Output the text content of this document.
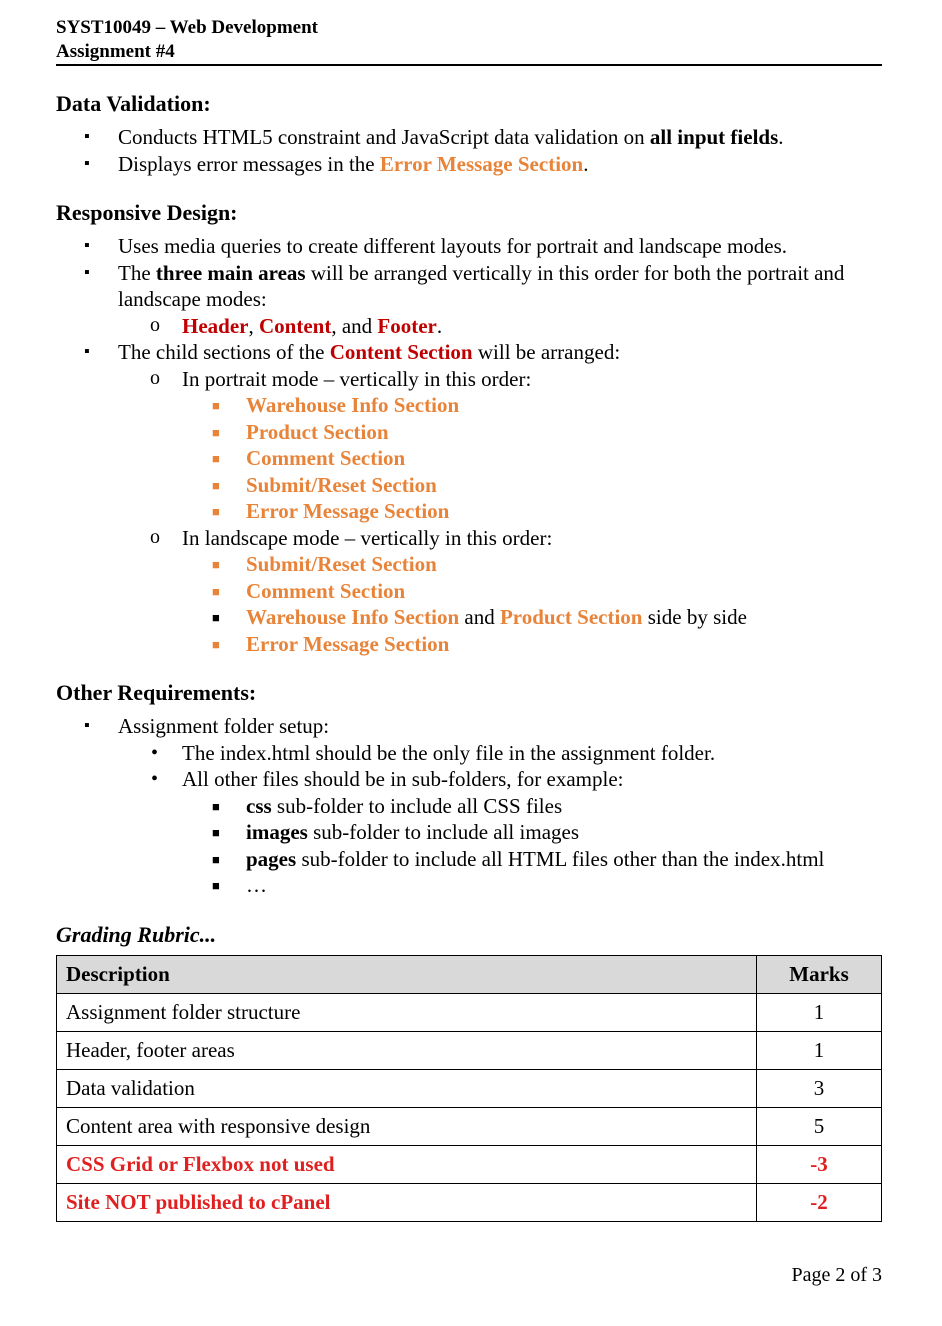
SYST10049 – Web Development
Assignment #4
Data Validation:
▪ Conducts HTML5 constraint and JavaScript data validation on all input fields.
▪ Displays error messages in the Error Message Section.
Responsive Design:
▪ Uses media queries to create different layouts for portrait and landscape modes.
▪ The three main areas will be arranged vertically in this order for both the portrait and landscape modes:
o Header, Content, and Footer.
▪ The child sections of the Content Section will be arranged:
o In portrait mode – vertically in this order:
■ Warehouse Info Section
■ Product Section
■ Comment Section
■ Submit/Reset Section
■ Error Message Section
o In landscape mode – vertically in this order:
■ Submit/Reset Section
■ Comment Section
■ Warehouse Info Section and Product Section side by side
■ Error Message Section
Other Requirements:
▪ Assignment folder setup:
• The index.html should be the only file in the assignment folder.
• All other files should be in sub-folders, for example:
■ css sub-folder to include all CSS files
■ images sub-folder to include all images
■ pages sub-folder to include all HTML files other than the index.html
■ …
Grading Rubric...
Description	Marks
Assignment folder structure	1
Header, footer areas	1
Data validation	3
Content area with responsive design	5
CSS Grid or Flexbox not used	-3
Site NOT published to cPanel	-2
Page 2 of 3
